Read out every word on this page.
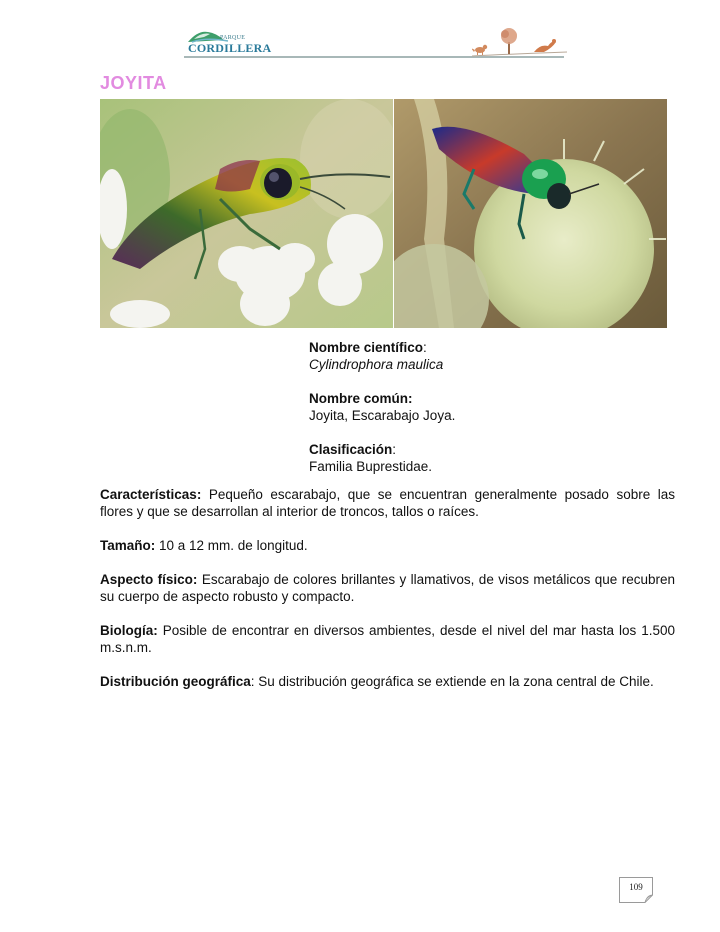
PARQUE
CORDILLERA
JOYITA
Nombre científico:
Cylindrophora maulica
Nombre común:
Joyita, Escarabajo Joya.
Clasificación:
Familia Buprestidae.

Características: Pequeño escarabajo, que se encuentran generalmente posado sobre las flores y que se desarrollan al interior de troncos, tallos o raíces.

Tamaño: 10 a 12 mm. de longitud.

Aspecto físico: Escarabajo de colores brillantes y llamativos, de visos metálicos que recubren su cuerpo de aspecto robusto y compacto.

Biología: Posible de encontrar en diversos ambientes, desde el nivel del mar hasta los 1.500 m.s.n.m.

Distribución geográfica: Su distribución geográfica se extiende en la zona central de Chile.

109
